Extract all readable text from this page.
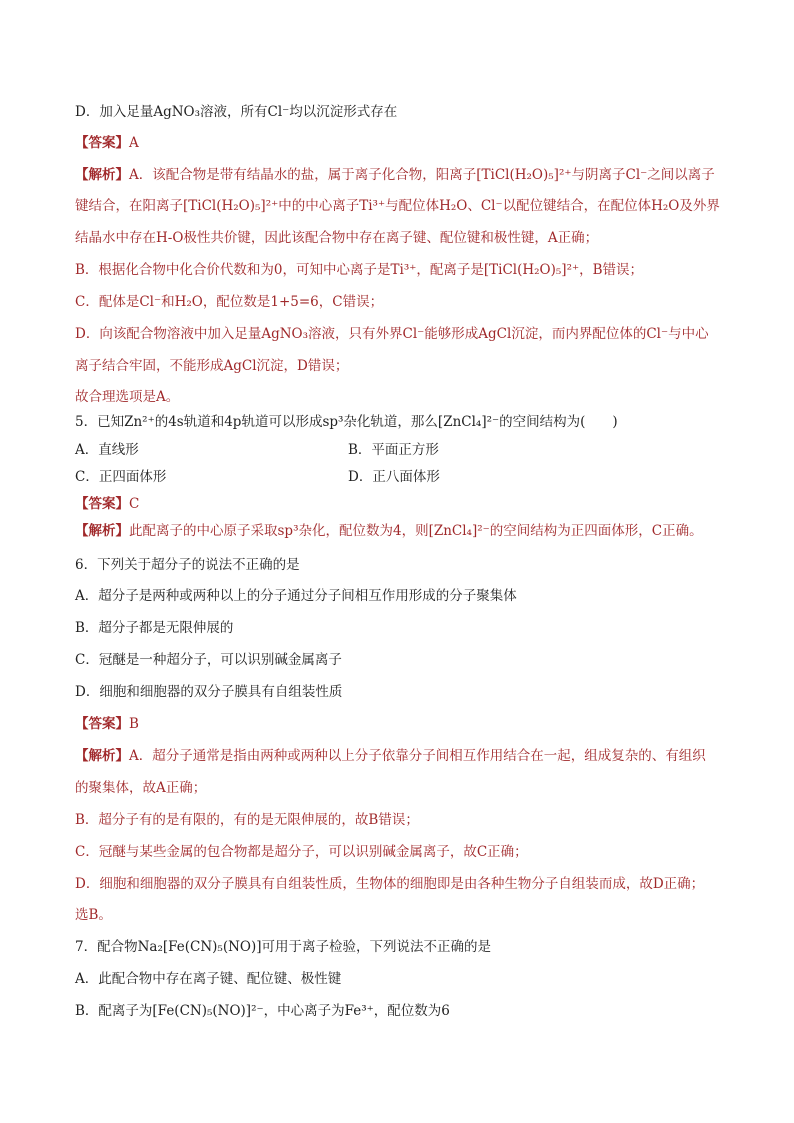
D．加入足量AgNO₃溶液，所有Cl⁻均以沉淀形式存在
【答案】A
【解析】A．该配合物是带有结晶水的盐，属于离子化合物，阳离子[TiCl(H₂O)₅]²⁺与阴离子Cl⁻之间以离子
键结合，在阳离子[TiCl(H₂O)₅]²⁺中的中心离子Ti³⁺与配位体H₂O、Cl⁻以配位键结合，在配位体H₂O及外界
结晶水中存在H-O极性共价键，因此该配合物中存在离子键、配位键和极性键，A正确；
B．根据化合物中化合价代数和为0，可知中心离子是Ti³⁺，配离子是[TiCl(H₂O)₅]²⁺，B错误；
C．配体是Cl⁻和H₂O，配位数是1+5=6，C错误；
D．向该配合物溶液中加入足量AgNO₃溶液，只有外界Cl⁻能够形成AgCl沉淀，而内界配位体的Cl⁻与中心
离子结合牢固，不能形成AgCl沉淀，D错误；
故合理选项是A。
5．已知Zn²⁺的4s轨道和4p轨道可以形成sp³杂化轨道，那么[ZnCl₄]²⁻的空间结构为(　　)
A．直线形	B．平面正方形
C．正四面体形	D．正八面体形
【答案】C
【解析】此配离子的中心原子采取sp³杂化，配位数为4，则[ZnCl₄]²⁻的空间结构为正四面体形，C正确。
6．下列关于超分子的说法不正确的是
A．超分子是两种或两种以上的分子通过分子间相互作用形成的分子聚集体
B．超分子都是无限伸展的
C．冠醚是一种超分子，可以识别碱金属离子
D．细胞和细胞器的双分子膜具有自组装性质
【答案】B
【解析】A．超分子通常是指由两种或两种以上分子依靠分子间相互作用结合在一起，组成复杂的、有组织
的聚集体，故A正确；
B．超分子有的是有限的，有的是无限伸展的，故B错误；
C．冠醚与某些金属的包合物都是超分子，可以识别碱金属离子，故C正确；
D．细胞和细胞器的双分子膜具有自组装性质，生物体的细胞即是由各种生物分子自组装而成，故D正确；
选B。
7．配合物Na₂[Fe(CN)₅(NO)]可用于离子检验，下列说法不正确的是
A．此配合物中存在离子键、配位键、极性键
B．配离子为[Fe(CN)₅(NO)]²⁻，中心离子为Fe³⁺，配位数为6
